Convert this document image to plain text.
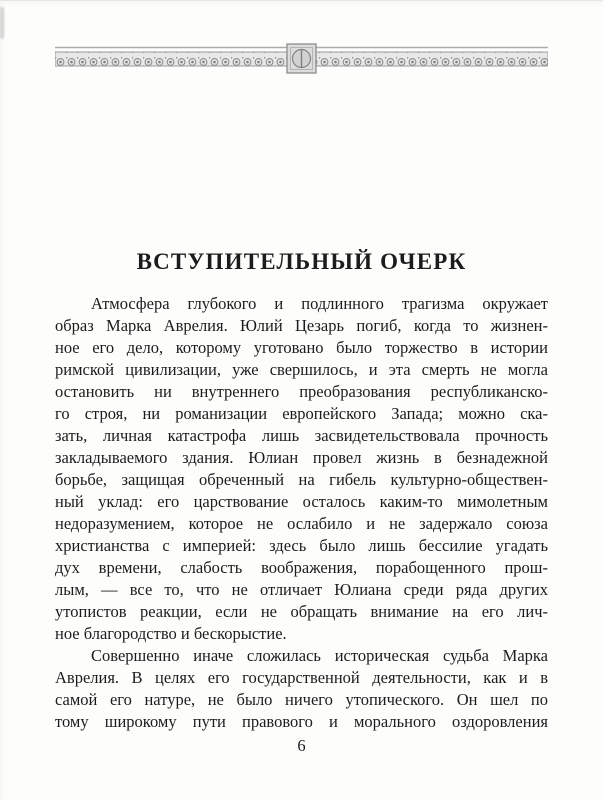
ВСТУПИТЕЛЬНЫЙ ОЧЕРК
Атмосфера глубокого и подлинного трагизма окружает
образ Марка Аврелия. Юлий Цезарь погиб, когда то жизнен-
ное его дело, которому уготовано было торжество в истории
римской цивилизации, уже свершилось, и эта смерть не могла
остановить ни внутреннего преобразования республиканско-
го строя, ни романизации европейского Запада; можно ска-
зать, личная катастрофа лишь засвидетельствовала прочность
закладываемого здания. Юлиан провел жизнь в безнадежной
борьбе, защищая обреченный на гибель культурно-обществен-
ный уклад: его царствование осталось каким-то мимолетным
недоразумением, которое не ослабило и не задержало союза
христианства с империей: здесь было лишь бессилие угадать
дух времени, слабость воображения, порабощенного прош-
лым, — все то, что не отличает Юлиана среди ряда других
утопистов реакции, если не обращать внимание на его лич-
ное благородство и бескорыстие.
Совершенно иначе сложилась историческая судьба Марка
Аврелия. В целях его государственной деятельности, как и в
самой его натуре, не было ничего утопического. Он шел по
тому широкому пути правового и морального оздоровления
6
